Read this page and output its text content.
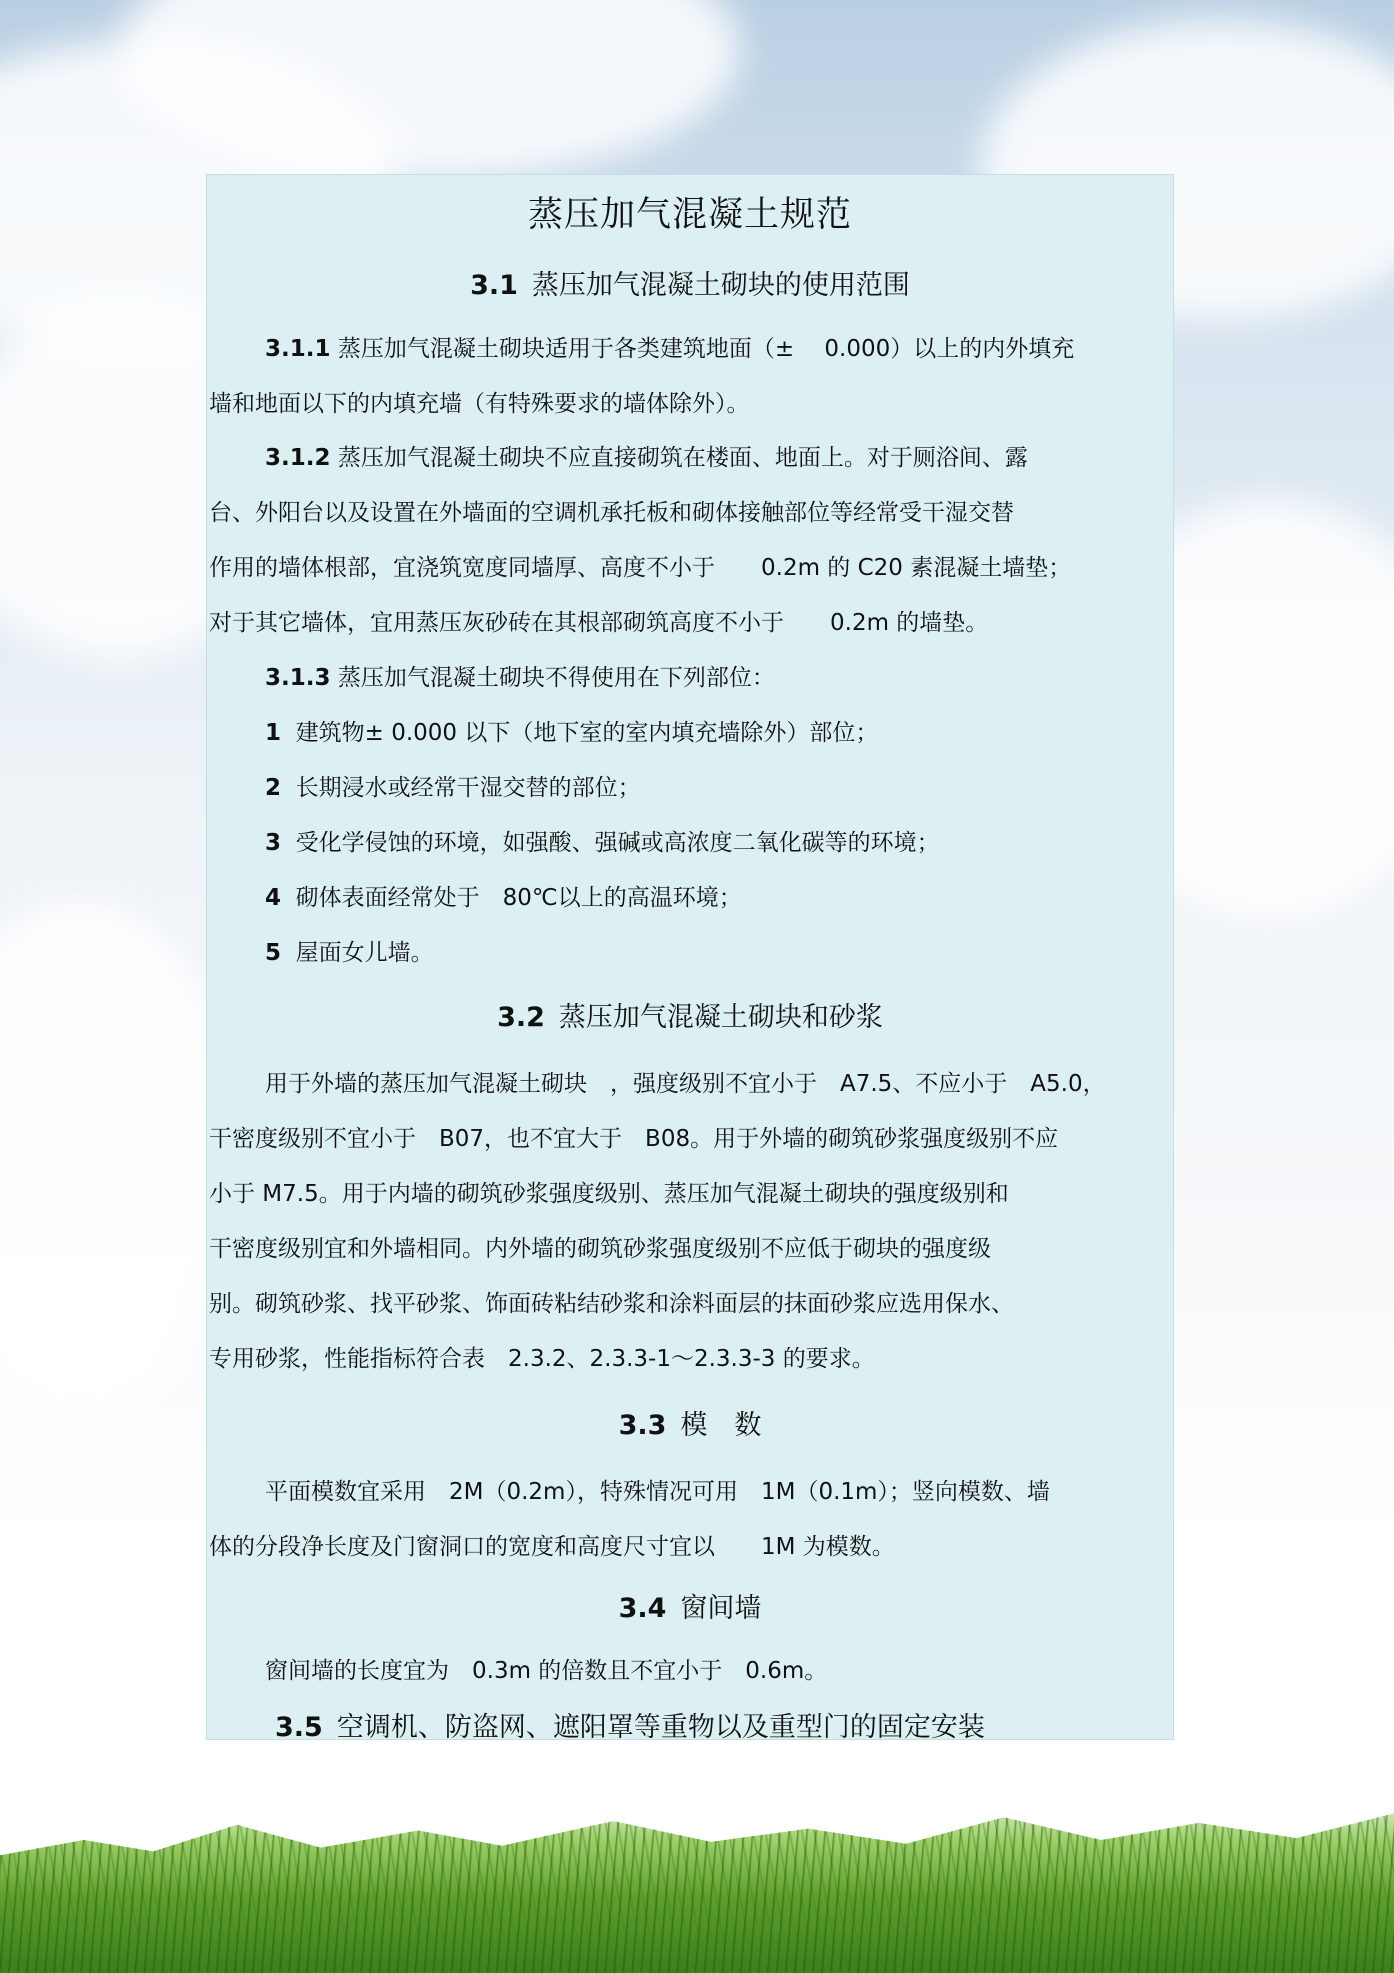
蒸压加气混凝土规范
3.1 蒸压加气混凝土砌块的使用范围
3.1.1 蒸压加气混凝土砌块适用于各类建筑地面（±　 0.000）以上的内外填充
墙和地面以下的内填充墙（有特殊要求的墙体除外）。
3.1.2 蒸压加气混凝土砌块不应直接砌筑在楼面、地面上。对于厕浴间、露
台、外阳台以及设置在外墙面的空调机承托板和砌体接触部位等经常受干湿交替
作用的墙体根部，宜浇筑宽度同墙厚、高度不小于　　0.2m 的 C20 素混凝土墙垫；
对于其它墙体，宜用蒸压灰砂砖在其根部砌筑高度不小于　　0.2m 的墙垫。
3.1.3 蒸压加气混凝土砌块不得使用在下列部位：
1 建筑物± 0.000 以下（地下室的室内填充墙除外）部位；
2 长期浸水或经常干湿交替的部位；
3 受化学侵蚀的环境，如强酸、强碱或高浓度二氧化碳等的环境；
4 砌体表面经常处于　80℃以上的高温环境；
5 屋面女儿墙。
3.2 蒸压加气混凝土砌块和砂浆
用于外墙的蒸压加气混凝土砌块　，强度级别不宜小于　A7.5、不应小于　A5.0，
干密度级别不宜小于　B07，也不宜大于　B08。用于外墙的砌筑砂浆强度级别不应
小于 M7.5。用于内墙的砌筑砂浆强度级别、蒸压加气混凝土砌块的强度级别和
干密度级别宜和外墙相同。内外墙的砌筑砂浆强度级别不应低于砌块的强度级
别。砌筑砂浆、找平砂浆、饰面砖粘结砂浆和涂料面层的抹面砂浆应选用保水、
专用砂浆，性能指标符合表　2.3.2、2.3.3-1～2.3.3-3 的要求。
3.3 模　数
平面模数宜采用　2M（0.2m），特殊情况可用　1M（0.1m）；竖向模数、墙
体的分段净长度及门窗洞口的宽度和高度尺寸宜以　　1M 为模数。
3.4 窗间墙
窗间墙的长度宜为　0.3m 的倍数且不宜小于　0.6m。
3.5 空调机、防盗网、遮阳罩等重物以及重型门的固定安装
